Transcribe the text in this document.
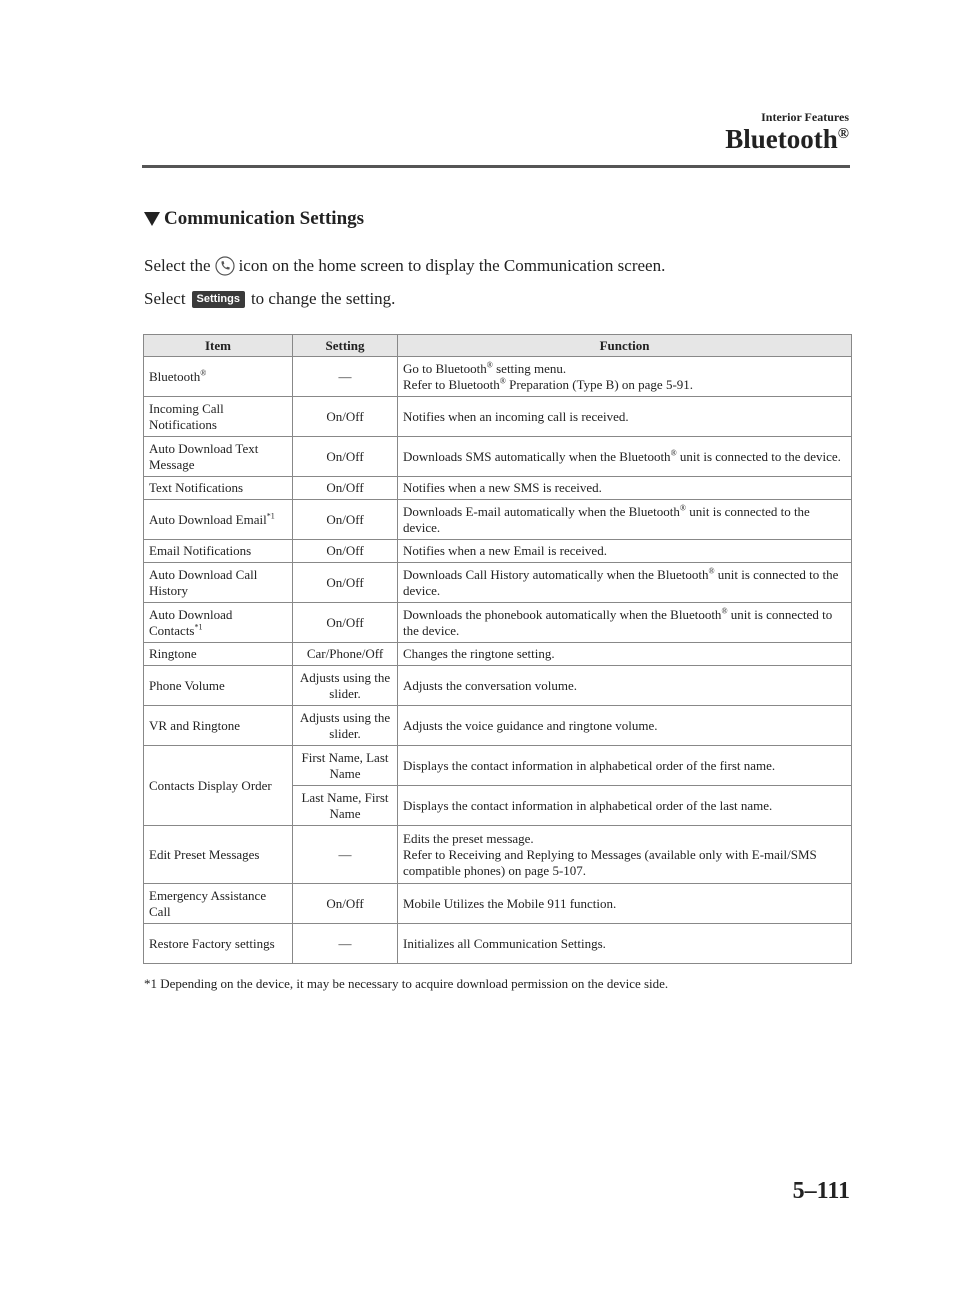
Interior Features
Bluetooth®
Communication Settings
Select the icon on the home screen to display the Communication screen.
Select	Settings to change the setting.
Item	Setting	Function
Bluetooth®	—	Go to Bluetooth® setting menu.
Refer to Bluetooth® Preparation (Type B) on page 5-91.
Incoming Call Notifications	On/Off	Notifies when an incoming call is received.
Auto Download Text Message	On/Off	Downloads SMS automatically when the Bluetooth® unit is connected to the device.
Text Notifications	On/Off	Notifies when a new SMS is received.
Auto Download Email$^{*1}$	On/Off	Downloads E-mail automatically when the Bluetooth® unit is connected to the device.
Email Notifications	On/Off	Notifies when a new Email is received.
Auto Download Call History	On/Off	Downloads Call History automatically when the Bluetooth® unit is connected to the device.
Auto Download Contacts$^{*1}$	On/Off	Downloads the phonebook automatically when the Bluetooth® unit is connected to the device.
Ringtone	Car/Phone/Off	Changes the ringtone setting.
Phone Volume	Adjusts using the slider.	Adjusts the conversation volume.
VR and Ringtone	Adjusts using the slider.	Adjusts the voice guidance and ringtone volume.
Contacts Display Order	First Name, Last Name	Displays the contact information in alphabetical order of the first name.
	Last Name, First Name	Displays the contact information in alphabetical order of the last name.
Edit Preset Messages	—	Edits the preset message.
Refer to Receiving and Replying to Messages (available only with E-mail/SMS compatible phones) on page 5-107.
Emergency Assistance Call	On/Off	Mobile Utilizes the Mobile 911 function.
Restore Factory settings	—	Initializes all Communication Settings.
*1 Depending on the device, it may be necessary to acquire download permission on the device side.
5–111
